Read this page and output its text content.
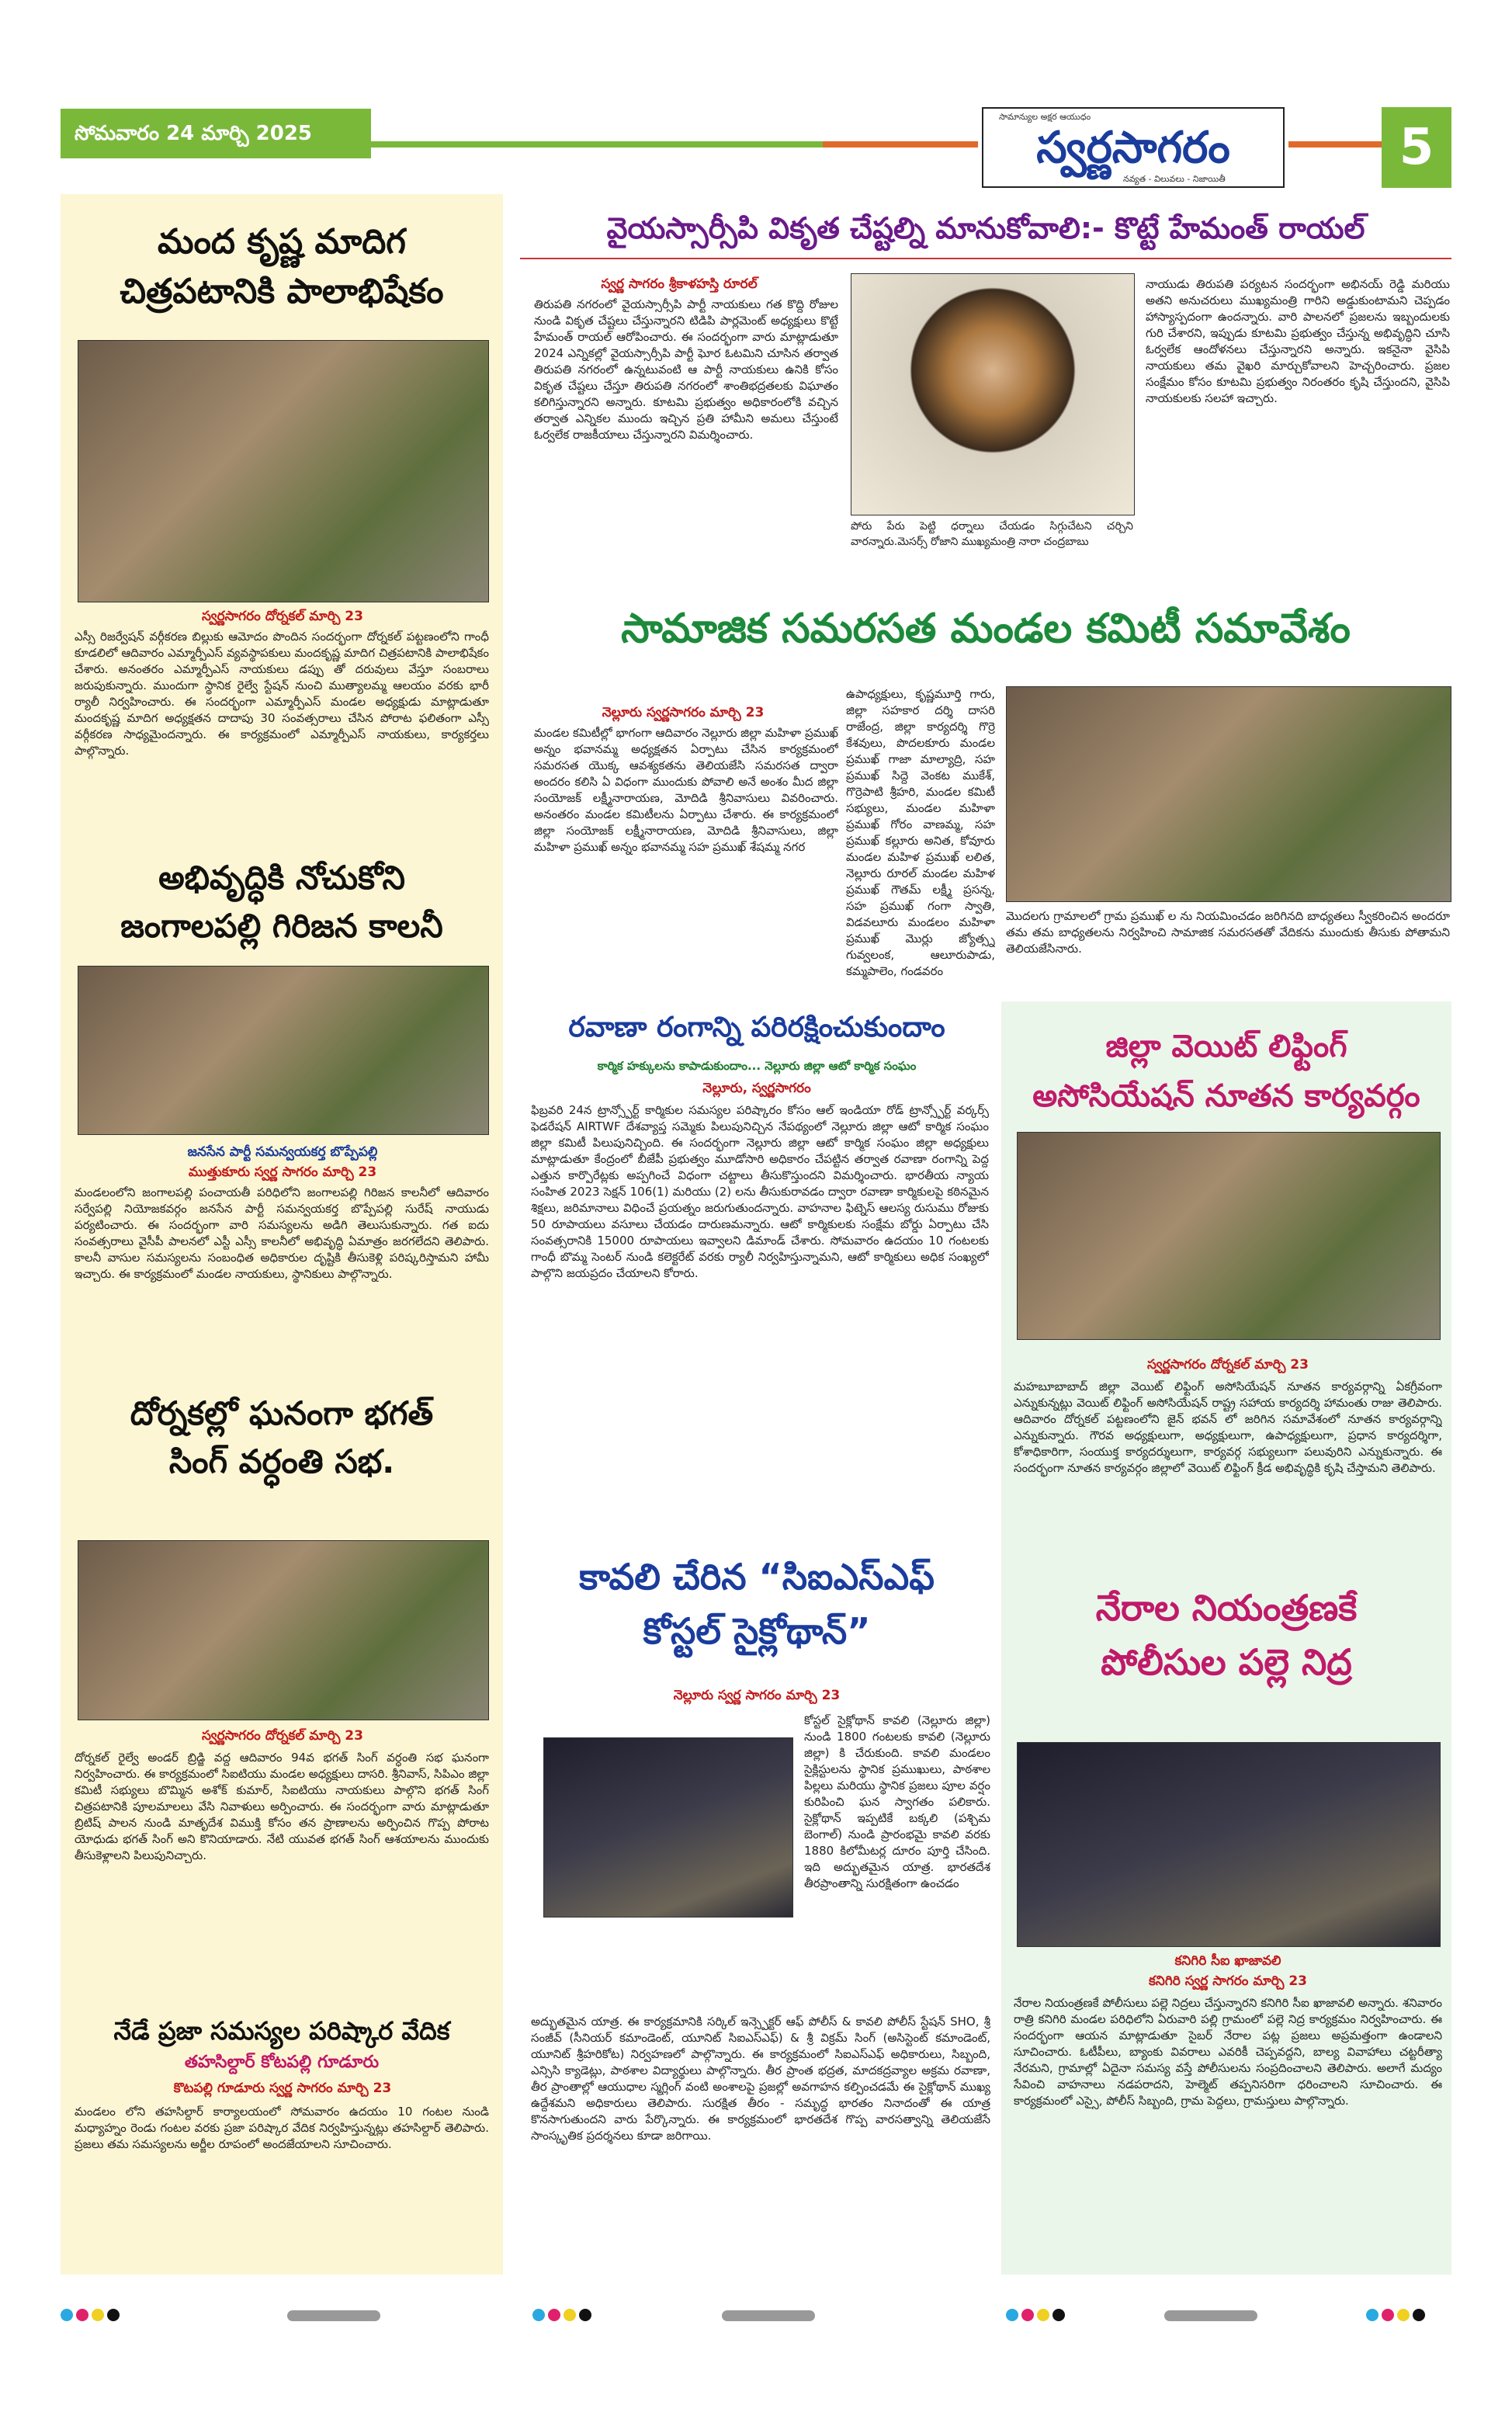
సోమవారం 24 మార్చి 2025
సామాన్యుల అక్షర ఆయుధం
స్వర్ణసాగరం
నవ్యత - విలువలు - నిజాయితీ
5
మంద కృష్ణ మాదిగ
చిత్రపటానికి పాలాభిషేకం
స్వర్ణసాగరం దోర్నకల్ మార్చి 23
ఎస్సీ రిజర్వేషన్ వర్గీకరణ బిల్లుకు ఆమోదం పొందిన సందర్భంగా దోర్నకల్ పట్టణంలోని గాంధీ కూడలిలో ఆదివారం ఎమ్మార్పీఎస్ వ్యవస్థాపకులు మందకృష్ణ మాదిగ చిత్రపటానికి పాలాభిషేకం చేశారు. అనంతరం ఎమ్మార్పీఎస్ నాయకులు డప్పు తో దరువులు వేస్తూ సంబరాలు జరుపుకున్నారు. ముందుగా స్థానిక రైల్వే స్టేషన్ నుంచి ముత్యాలమ్మ ఆలయం వరకు భారీ ర్యాలీ నిర్వహించారు. ఈ సందర్భంగా ఎమ్మార్పీఎస్ మండల అధ్యక్షుడు మాట్లాడుతూ మందకృష్ణ మాదిగ అధ్యక్షతన దాదాపు 30 సంవత్సరాలు చేసిన పోరాట ఫలితంగా ఎస్సీ వర్గీకరణ సాధ్యమైందన్నారు. ఈ కార్యక్రమంలో ఎమ్మార్పీఎస్ నాయకులు, కార్యకర్తలు పాల్గొన్నారు.
అభివృద్ధికి నోచుకోని
జంగాలపల్లి గిరిజన కాలనీ
జనసేన పార్టీ సమన్వయకర్త బొప్పేపల్లి
ముత్తుకూరు స్వర్ణ సాగరం మార్చి 23
మండలంలోని జంగాలపల్లి పంచాయతీ పరిధిలోని జంగాలపల్లి గిరిజన కాలనీలో ఆదివారం సర్వేపల్లి నియోజకవర్గం జనసేన పార్టీ సమన్వయకర్త బొప్పేపల్లి సురేష్ నాయుడు పర్యటించారు. ఈ సందర్భంగా వారి సమస్యలను అడిగి తెలుసుకున్నారు. గత ఐదు సంవత్సరాలు వైసీపీ పాలనలో ఎస్టీ ఎస్సీ కాలనీలో అభివృద్ధి ఏమాత్రం జరగలేదని తెలిపారు. కాలనీ వాసుల సమస్యలను సంబంధిత అధికారుల దృష్టికి తీసుకెళ్లి పరిష్కరిస్తామని హామీ ఇచ్చారు. ఈ కార్యక్రమంలో మండల నాయకులు, స్థానికులు పాల్గొన్నారు.
దోర్నకల్లో ఘనంగా భగత్
సింగ్ వర్ధంతి సభ.
స్వర్ణసాగరం దోర్నకల్ మార్చి 23
దోర్నకల్ రైల్వే అండర్ బ్రిడ్జి వద్ద ఆదివారం 94వ భగత్ సింగ్ వర్ధంతి సభ ఘనంగా నిర్వహించారు. ఈ కార్యక్రమంలో సిఐటియు మండల అధ్యక్షులు దాసరి. శ్రీనివాస్, సిపిఎం జిల్లా కమిటీ సభ్యులు బొమ్మిన అశోక్ కుమార్, సిఐటియు నాయకులు పాల్గొని భగత్ సింగ్ చిత్రపటానికి పూలమాలలు వేసి నివాళులు అర్పించారు. ఈ సందర్భంగా వారు మాట్లాడుతూ బ్రిటిష్ పాలన నుండి మాతృదేశ విముక్తి కోసం తన ప్రాణాలను అర్పించిన గొప్ప పోరాట యోధుడు భగత్ సింగ్ అని కొనియాడారు. నేటి యువత భగత్ సింగ్ ఆశయాలను ముందుకు తీసుకెళ్లాలని పిలుపునిచ్చారు.
నేడే ప్రజా సమస్యల పరిష్కార వేదిక
తహసిల్దార్ కోటపల్లి గూడూరు
కొటపల్లి గూడూరు స్వర్ణ సాగరం మార్చి 23
మండలం లోని తహసిల్దార్ కార్యాలయంలో సోమవారం ఉదయం 10 గంటల నుండి మధ్యాహ్నం రెండు గంటల వరకు ప్రజా పరిష్కార వేదిక నిర్వహిస్తున్నట్లు తహసిల్దార్ తెలిపారు. ప్రజలు తమ సమస్యలను అర్జీల రూపంలో అందజేయాలని సూచించారు.
వైయస్సార్సీపి వికృత చేష్టల్ని మానుకోవాలి:- కొట్టే హేమంత్ రాయల్
స్వర్ణ సాగరం శ్రీకాళహస్తి రూరల్
తిరుపతి నగరంలో వైయస్సార్సీపి పార్టీ నాయకులు గత కొద్ది రోజుల నుండి వికృత చేష్టలు చేస్తున్నారని టిడిపి పార్లమెంట్ అధ్యక్షులు కొట్టే హేమంత్ రాయల్ ఆరోపించారు. ఈ సందర్భంగా వారు మాట్లాడుతూ 2024 ఎన్నికల్లో వైయస్సార్సీపి పార్టీ ఘోర ఓటమిని చూసిన తర్వాత తిరుపతి నగరంలో ఉన్నటువంటి ఆ పార్టీ నాయకులు ఉనికి కోసం వికృత చేష్టలు చేస్తూ తిరుపతి నగరంలో శాంతిభద్రతలకు విఘాతం కలిగిస్తున్నారని అన్నారు. కూటమి ప్రభుత్వం అధికారంలోకి వచ్చిన తర్వాత ఎన్నికల ముందు ఇచ్చిన ప్రతి హామీని అమలు చేస్తుంటే ఓర్వలేక రాజకీయాలు చేస్తున్నారని విమర్శించారు.
పోరు పేరు పెట్టి ధర్నాలు చేయడం సిగ్గుచేటని చర్చిని వారన్నారు.మెసర్స్ రోజాని ముఖ్యమంత్రి నారా చంద్రబాబు
నాయుడు తిరుపతి పర్యటన సందర్భంగా అభినయ్ రెడ్డి మరియు అతని అనుచరులు ముఖ్యమంత్రి గారిని అడ్డుకుంటామని చెప్పడం హాస్యాస్పదంగా ఉందన్నారు. వారి పాలనలో ప్రజలను ఇబ్బందులకు గురి చేశారని, ఇప్పుడు కూటమి ప్రభుత్వం చేస్తున్న అభివృద్ధిని చూసి ఓర్వలేక ఆందోళనలు చేస్తున్నారని అన్నారు. ఇకనైనా వైసిపి నాయకులు తమ వైఖరి మార్చుకోవాలని హెచ్చరించారు. ప్రజల సంక్షేమం కోసం కూటమి ప్రభుత్వం నిరంతరం కృషి చేస్తుందని, వైసిపి నాయకులకు సలహా ఇచ్చారు.
సామాజిక సమరసత మండల కమిటీ సమావేశం
నెల్లూరు స్వర్ణసాగరం మార్చి 23
మండల కమిటీల్లో భాగంగా ఆదివారం నెల్లూరు జిల్లా మహిళా ప్రముఖ్ అన్నం భవానమ్మ అధ్యక్షతన ఏర్పాటు చేసిన కార్యక్రమంలో సమరసత యొక్క ఆవశ్యకతను తెలియజేసి సమరసత ద్వారా అందరం కలిసి ఏ విధంగా ముందుకు పోవాలి అనే అంశం మీద జిల్లా సంయోజక్ లక్ష్మీనారాయణ, మోదిడి శ్రీనివాసులు వివరించారు. అనంతరం మండల కమిటీలను ఏర్పాటు చేశారు. ఈ కార్యక్రమంలో జిల్లా సంయోజక్ లక్ష్మీనారాయణ, మోదిడి శ్రీనివాసులు, జిల్లా మహిళా ప్రముఖ్ అన్నం భవానమ్మ సహ ప్రముఖ్ శేషమ్మ నగర
ఉపాధ్యక్షులు, కృష్ణమూర్తి గారు, జిల్లా సహకార దర్శి దాసరి రాజేంద్ర, జిల్లా కార్యదర్శి గొర్రె కేశవులు, పొదలకూరు మండల ప్రముఖ్ గాజా మాల్యాద్రి, సహ ప్రముఖ్ సిద్దె వెంకట ముకేశ్, గొర్రెపాటి శ్రీహరి, మండల కమిటీ సభ్యులు, మండల మహిళా ప్రముఖ్ గోరం వాణమ్మ, సహ ప్రముఖ్ కల్లూరు అనిత, కోవూరు మండల మహిళ ప్రముఖ్ లలిత, నెల్లూరు రూరల్ మండల మహిళ ప్రముఖ్ గౌతమ్ లక్ష్మీ ప్రసన్న, సహ ప్రముఖ్ గంగా స్వాతి, విడవలూరు మండలం మహిళా ప్రముఖ్ మొర్లు జ్యోత్స్న గువ్వలంక, ఆలూరుపాడు, కమ్మపాలెం, గండవరం
మొదలగు గ్రామాలలో గ్రామ ప్రముఖ్ ల ను నియమించడం జరిగినది బాధ్యతలు స్వీకరించిన అందరూ తమ తమ బాధ్యతలను నిర్వహించి సామాజిక సమరసతతో వేదికను ముందుకు తీసుకు పోతామని తెలియజేసినారు.
రవాణా రంగాన్ని పరిరక్షించుకుందాం
కార్మిక హక్కులను కాపాడుకుందాం... నెల్లూరు జిల్లా ఆటో కార్మిక సంఘం
నెల్లూరు, స్వర్ణసాగరం
ఫిబ్రవరి 24న ట్రాన్స్పోర్ట్ కార్మికుల సమస్యల పరిష్కారం కోసం ఆల్ ఇండియా రోడ్ ట్రాన్స్పోర్ట్ వర్కర్స్ ఫెడరేషన్ AIRTWF దేశవ్యాప్త సమ్మెకు పిలుపునిచ్చిన నేపథ్యంలో నెల్లూరు జిల్లా ఆటో కార్మిక సంఘం జిల్లా కమిటీ పిలుపునిచ్చింది. ఈ సందర్భంగా నెల్లూరు జిల్లా ఆటో కార్మిక సంఘం జిల్లా అధ్యక్షులు మాట్లాడుతూ కేంద్రంలో బీజేపీ ప్రభుత్వం మూడోసారి అధికారం చేపట్టిన తర్వాత రవాణా రంగాన్ని పెద్ద ఎత్తున కార్పొరేట్లకు అప్పగించే విధంగా చట్టాలు తీసుకొస్తుందని విమర్శించారు. భారతీయ న్యాయ సంహిత 2023 సెక్షన్ 106(1) మరియు (2) లను తీసుకురావడం ద్వారా రవాణా కార్మికులపై కఠినమైన శిక్షలు, జరిమానాలు విధించే ప్రయత్నం జరుగుతుందన్నారు. వాహనాల ఫిట్నెస్ ఆలస్య రుసుము రోజుకు 50 రూపాయలు వసూలు చేయడం దారుణమన్నారు. ఆటో కార్మికులకు సంక్షేమ బోర్డు ఏర్పాటు చేసి సంవత్సరానికి 15000 రూపాయలు ఇవ్వాలని డిమాండ్ చేశారు. సోమవారం ఉదయం 10 గంటలకు గాంధీ బొమ్మ సెంటర్ నుండి కలెక్టరేట్ వరకు ర్యాలీ నిర్వహిస్తున్నామని, ఆటో కార్మికులు అధిక సంఖ్యలో పాల్గొని జయప్రదం చేయాలని కోరారు.
కావలి చేరిన “సిఐఎస్ఎఫ్
కోస్టల్ సైక్లోథాన్”
నెల్లూరు స్వర్ణ సాగరం మార్చి 23
కోస్టల్ సైక్లోథాన్ కావలి (నెల్లూరు జిల్లా) నుండి 1800 గంటలకు కావలి (నెల్లూరు జిల్లా) కి చేరుకుంది. కావలి మండలం సైక్లిస్టులను స్థానిక ప్రముఖులు, పాఠశాల పిల్లలు మరియు స్థానిక ప్రజలు పూల వర్షం కురిపించి ఘన స్వాగతం పలికారు. సైక్లోథాన్ ఇప్పటికే బక్కలి (పశ్చిమ బెంగాల్) నుండి ప్రారంభమై కావలి వరకు 1880 కిలోమీటర్ల దూరం పూర్తి చేసింది. ఇది అద్భుతమైన యాత్ర. భారతదేశ తీరప్రాంతాన్ని సురక్షితంగా ఉంచడం
అద్భుతమైన యాత్ర. ఈ కార్యక్రమానికి సర్కిల్ ఇన్స్పెక్టర్ ఆఫ్ పోలీస్ & కావలి పోలీస్ స్టేషన్ SHO, శ్రీ సంజీవ్ (సీనియర్ కమాండెంట్, యూనిట్ సిఐఎస్ఎఫ్) & శ్రీ విక్రమ్ సింగ్ (అసిస్టెంట్ కమాండెంట్, యూనిట్ శ్రీహరికోట) నిర్వహణలో పాల్గొన్నారు. ఈ కార్యక్రమంలో సిఐఎస్ఎఫ్ అధికారులు, సిబ్బంది, ఎన్సిసి క్యాడెట్లు, పాఠశాల విద్యార్థులు పాల్గొన్నారు. తీర ప్రాంత భద్రత, మాదకద్రవ్యాల అక్రమ రవాణా, తీర ప్రాంతాల్లో ఆయుధాల స్మగ్లింగ్ వంటి అంశాలపై ప్రజల్లో అవగాహన కల్పించడమే ఈ సైక్లోథాన్ ముఖ్య ఉద్దేశమని అధికారులు తెలిపారు. సురక్షిత తీరం - సమృద్ధ భారతం నినాదంతో ఈ యాత్ర కొనసాగుతుందని వారు పేర్కొన్నారు. ఈ కార్యక్రమంలో భారతదేశ గొప్ప వారసత్వాన్ని తెలియజేసే సాంస్కృతిక ప్రదర్శనలు కూడా జరిగాయి.
జిల్లా వెయిట్ లిఫ్టింగ్
అసోసియేషన్ నూతన కార్యవర్గం
స్వర్ణసాగరం దోర్నకల్ మార్చి 23
మహబూబాబాద్ జిల్లా వెయిట్ లిఫ్టింగ్ అసోసియేషన్ నూతన కార్యవర్గాన్ని ఏకగ్రీవంగా ఎన్నుకున్నట్లు వెయిట్ లిఫ్టింగ్ అసోసియేషన్ రాష్ట్ర సహాయ కార్యదర్శి హామంతు రాజు తెలిపారు. ఆదివారం దోర్నకల్ పట్టణంలోని జైన్ భవన్ లో జరిగిన సమావేశంలో నూతన కార్యవర్గాన్ని ఎన్నుకున్నారు. గౌరవ అధ్యక్షులుగా, అధ్యక్షులుగా, ఉపాధ్యక్షులుగా, ప్రధాన కార్యదర్శిగా, కోశాధికారిగా, సంయుక్త కార్యదర్శులుగా, కార్యవర్గ సభ్యులుగా పలువురిని ఎన్నుకున్నారు. ఈ సందర్భంగా నూతన కార్యవర్గం జిల్లాలో వెయిట్ లిఫ్టింగ్ క్రీడ అభివృద్ధికి కృషి చేస్తామని తెలిపారు.
నేరాల నియంత్రణకే
పోలీసుల పల్లె నిద్ర
కనిగిరి సీఐ ఖాజావలి
కనిగిరి స్వర్ణ సాగరం మార్చి 23
నేరాల నియంత్రణకే పోలీసులు పల్లె నిద్రలు చేస్తున్నారని కనిగిరి సీఐ ఖాజావలి అన్నారు. శనివారం రాత్రి కనిగిరి మండల పరిధిలోని ఏరువారి పల్లి గ్రామంలో పల్లె నిద్ర కార్యక్రమం నిర్వహించారు. ఈ సందర్భంగా ఆయన మాట్లాడుతూ సైబర్ నేరాల పట్ల ప్రజలు అప్రమత్తంగా ఉండాలని సూచించారు. ఓటీపీలు, బ్యాంకు వివరాలు ఎవరికీ చెప్పవద్దని, బాల్య వివాహాలు చట్టరీత్యా నేరమని, గ్రామాల్లో ఏదైనా సమస్య వస్తే పోలీసులను సంప్రదించాలని తెలిపారు. అలాగే మద్యం సేవించి వాహనాలు నడపరాదని, హెల్మెట్ తప్పనిసరిగా ధరించాలని సూచించారు. ఈ కార్యక్రమంలో ఎస్సై, పోలీస్ సిబ్బంది, గ్రామ పెద్దలు, గ్రామస్తులు పాల్గొన్నారు.
